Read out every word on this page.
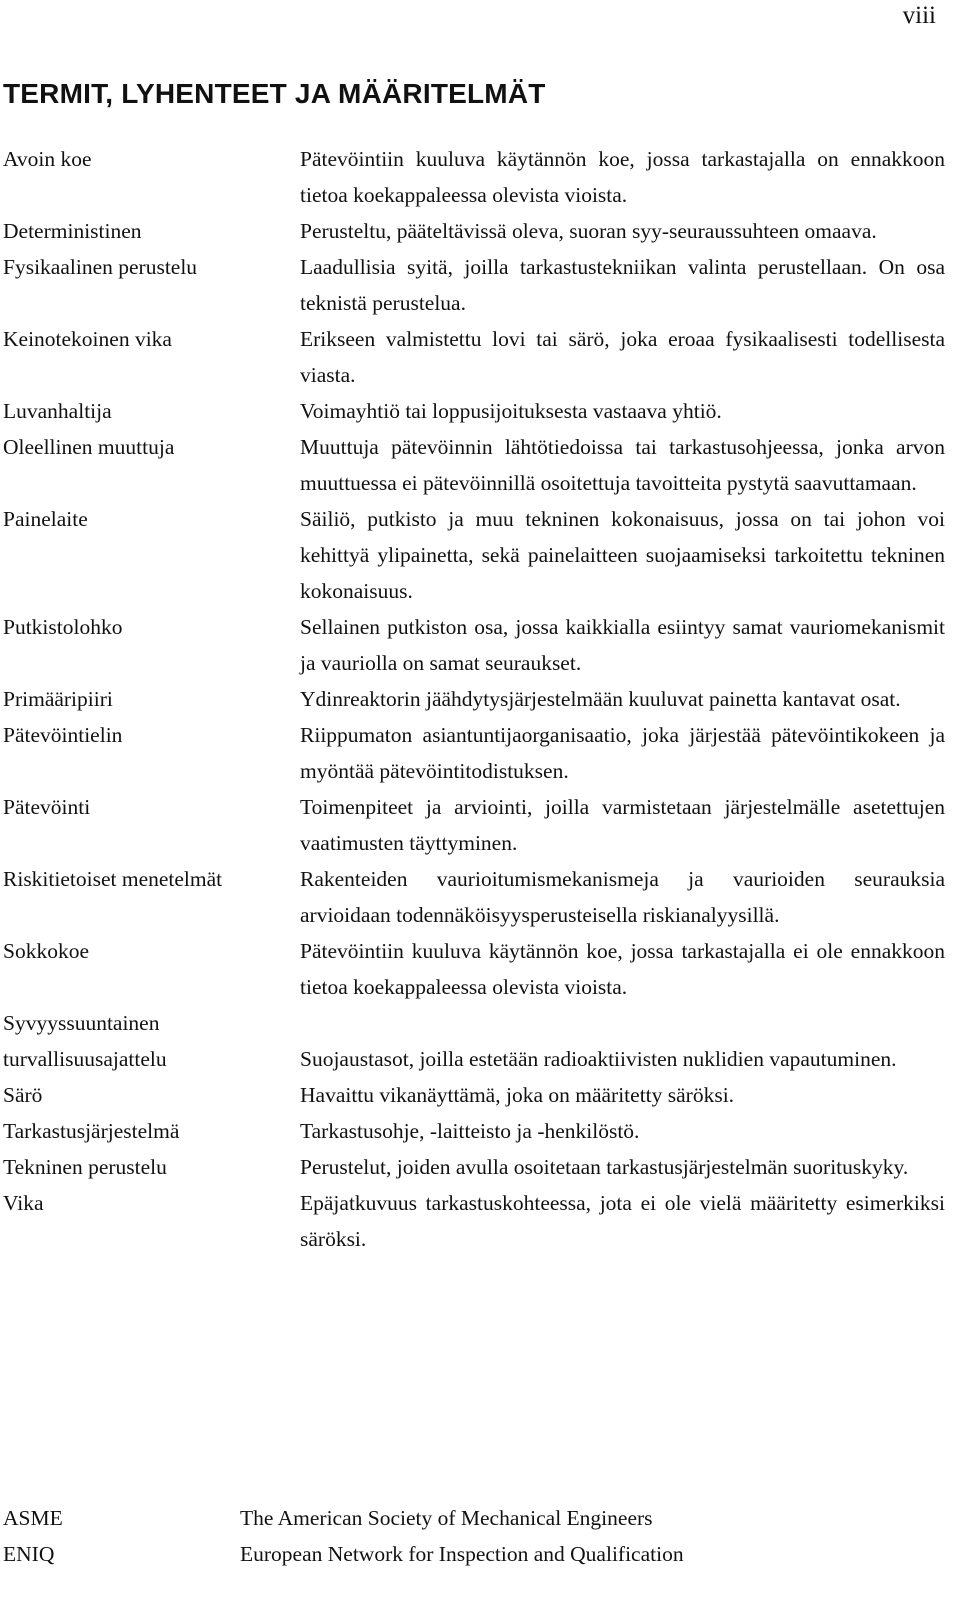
viii
TERMIT, LYHENTEET JA MÄÄRITELMÄT
Avoin koe	Pätevöintiin kuuluva käytännön koe, jossa tarkastajalla on ennakkoon tietoa koekappaleessa olevista vioista.
Deterministinen	Perusteltu, pääteltävissä oleva, suoran syy-seuraussuhteen omaava.
Fysikaalinen perustelu	Laadullisia syitä, joilla tarkastustekniikan valinta perustellaan. On osa teknistä perustelua.
Keinotekoinen vika	Erikseen valmistettu lovi tai särö, joka eroaa fysikaalisesti todellisesta viasta.
Luvanhaltija	Voimayhtiö tai loppusijoituksesta vastaava yhtiö.
Oleellinen muuttuja	Muuttuja pätevöinnin lähtötiedoissa tai tarkastusohjeessa, jonka arvon muuttuessa ei pätevöinnillä osoitettuja tavoitteita pystytä saavuttamaan.
Painelaite	Säiliö, putkisto ja muu tekninen kokonaisuus, jossa on tai johon voi kehittyä ylipainetta, sekä painelaitteen suojaamiseksi tarkoitettu tekninen kokonaisuus.
Putkistolohko	Sellainen putkiston osa, jossa kaikkialla esiintyy samat vauriomekanismit ja vauriolla on samat seuraukset.
Primääripiiri	Ydinreaktorin jäähdytysjärjestelmään kuuluvat painetta kantavat osat.
Pätevöintielin	Riippumaton asiantuntijaorganisaatio, joka järjestää pätevöintikokeen ja myöntää pätevöintitodistuksen.
Pätevöinti	Toimenpiteet ja arviointi, joilla varmistetaan järjestelmälle asetettujen vaatimusten täyttyminen.
Riskitietoiset menetelmät	Rakenteiden vaurioitumismekanismeja ja vaurioiden seurauksia arvioidaan todennäköisyysperusteisella riskianalyysillä.
Sokkokoe	Pätevöintiin kuuluva käytännön koe, jossa tarkastajalla ei ole ennakkoon tietoa koekappaleessa olevista vioista.
Syvyyssuuntainen
turvallisuusajattelu	Suojaustasot, joilla estetään radioaktiivisten nuklidien vapautuminen.
Särö	Havaittu vikanäyttämä, joka on määritetty säröksi.
Tarkastusjärjestelmä	Tarkastusohje, -laitteisto ja -henkilöstö.
Tekninen perustelu	Perustelut, joiden avulla osoitetaan tarkastusjärjestelmän suorituskyky.
Vika	Epäjatkuvuus tarkastuskohteessa, jota ei ole vielä määritetty esimerkiksi säröksi.
ASME	The American Society of Mechanical Engineers
ENIQ	European Network for Inspection and Qualification
